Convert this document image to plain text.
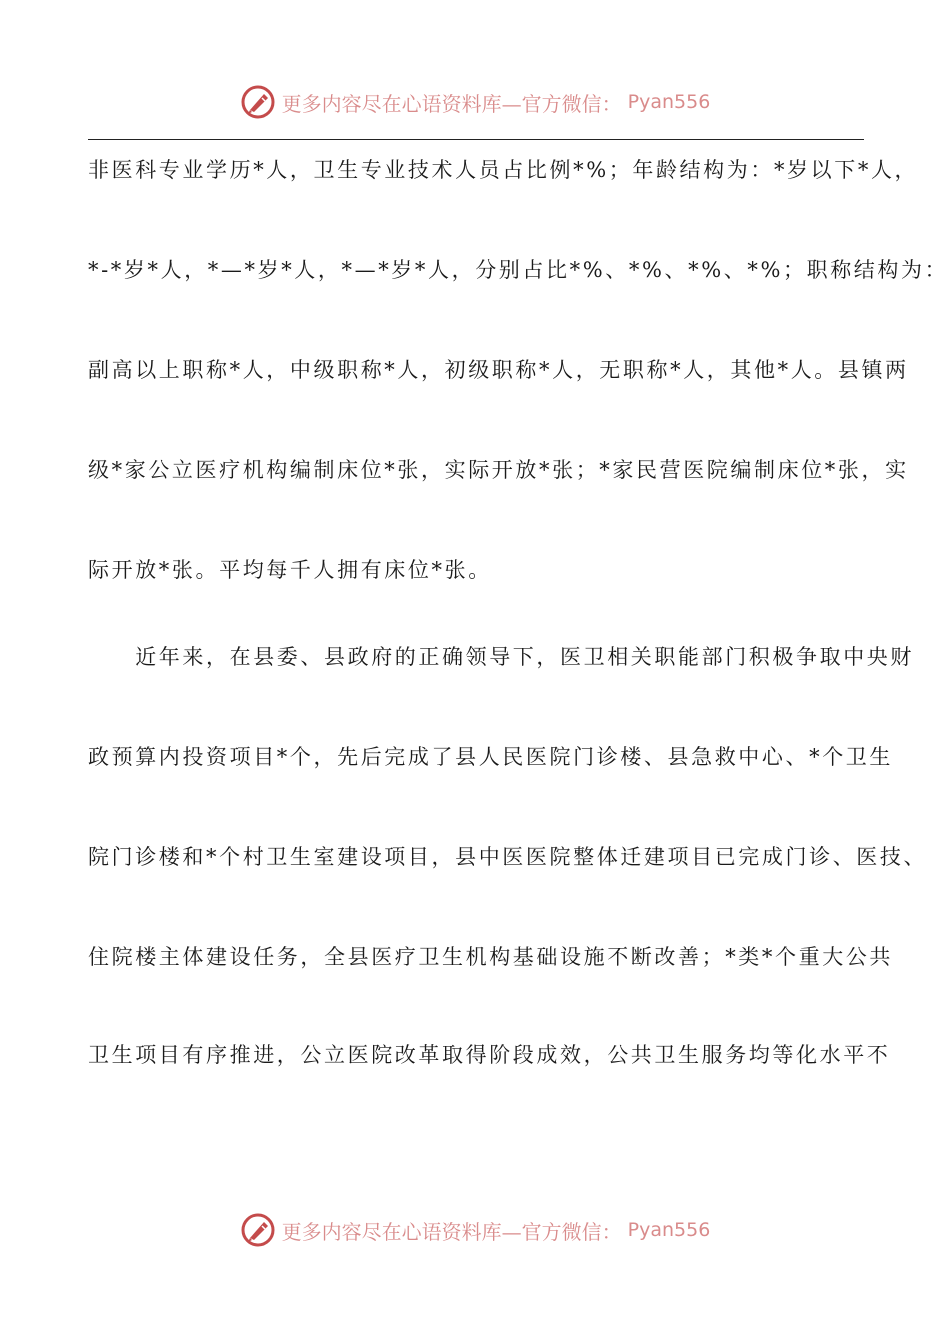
更多内容尽在心语资料库—官方微信： Pyan556
非医科专业学历*人，卫生专业技术人员占比例*%；年龄结构为：*岁以下*人，
*-*岁*人，*—*岁*人，*—*岁*人，分别占比*%、*%、*%、*%；职称结构为：
副高以上职称*人，中级职称*人，初级职称*人，无职称*人，其他*人。县镇两
级*家公立医疗机构编制床位*张，实际开放*张；*家民营医院编制床位*张，实
际开放*张。平均每千人拥有床位*张。
　　近年来，在县委、县政府的正确领导下，医卫相关职能部门积极争取中央财
政预算内投资项目*个，先后完成了县人民医院门诊楼、县急救中心、*个卫生
院门诊楼和*个村卫生室建设项目，县中医医院整体迁建项目已完成门诊、医技、
住院楼主体建设任务，全县医疗卫生机构基础设施不断改善；*类*个重大公共
卫生项目有序推进，公立医院改革取得阶段成效，公共卫生服务均等化水平不
更多内容尽在心语资料库—官方微信： Pyan556
